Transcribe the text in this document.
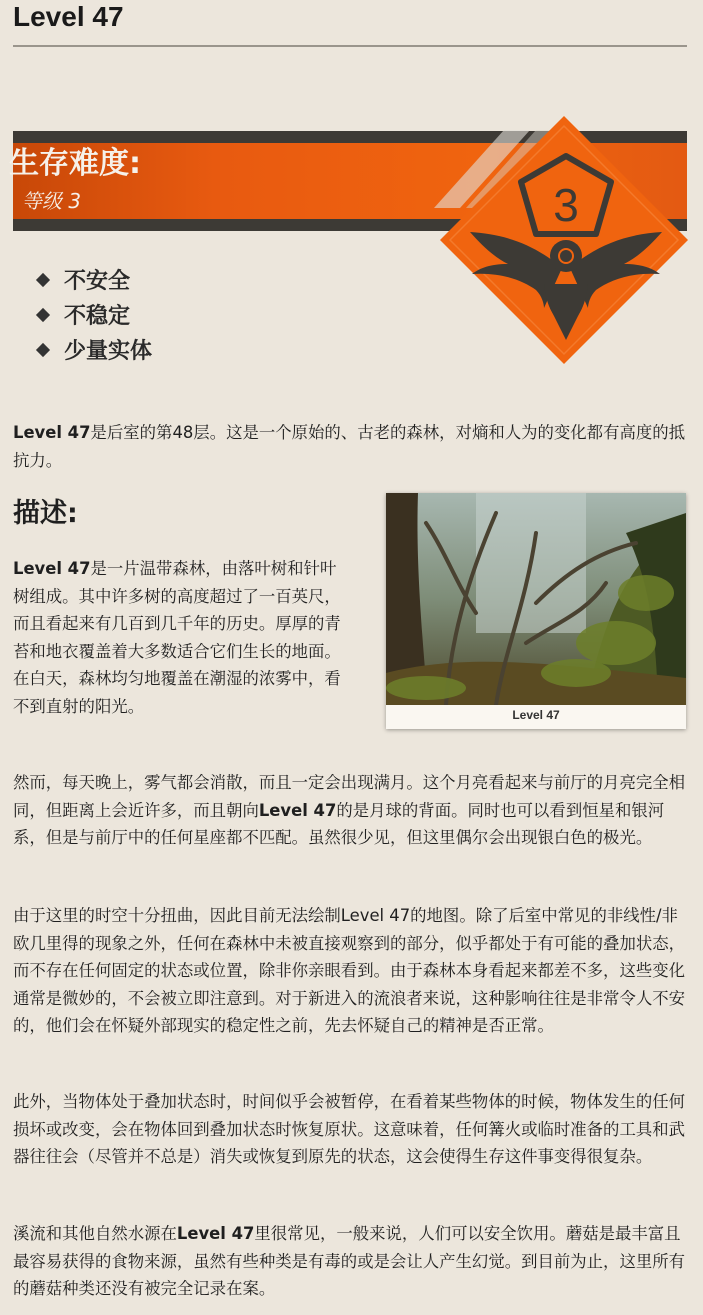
Level 47
生存难度:
等级 3	3
不安全
不稳定
少量实体

Level 47是后室的第48层。这是一个原始的、古老的森林，对熵和人为的变化都有高度的抵抗力。

描述:
Level 47

Level 47是一片温带森林，由落叶树和针叶树组成。其中许多树的高度超过了一百英尺，而且看起来有几百到几千年的历史。厚厚的青苔和地衣覆盖着大多数适合它们生长的地面。在白天，森林均匀地覆盖在潮湿的浓雾中，看不到直射的阳光。

然而，每天晚上，雾气都会消散，而且一定会出现满月。这个月亮看起来与前厅的月亮完全相同，但距离上会近许多，而且朝向Level 47的是月球的背面。同时也可以看到恒星和银河系，但是与前厅中的任何星座都不匹配。虽然很少见，但这里偶尔会出现银白色的极光。

由于这里的时空十分扭曲，因此目前无法绘制Level 47的地图。除了后室中常见的非线性/非欧几里得的现象之外，任何在森林中未被直接观察到的部分，似乎都处于有可能的叠加状态，而不存在任何固定的状态或位置，除非你亲眼看到。由于森林本身看起来都差不多，这些变化通常是微妙的，不会被立即注意到。对于新进入的流浪者来说，这种影响往往是非常令人不安的，他们会在怀疑外部现实的稳定性之前，先去怀疑自己的精神是否正常。

此外，当物体处于叠加状态时，时间似乎会被暂停，在看着某些物体的时候，物体发生的任何损坏或改变，会在物体回到叠加状态时恢复原状。这意味着，任何篝火或临时准备的工具和武器往往会（尽管并不总是）消失或恢复到原先的状态，这会使得生存这件事变得很复杂。

溪流和其他自然水源在Level 47里很常见，一般来说，人们可以安全饮用。蘑菇是最丰富且最容易获得的食物来源，虽然有些种类是有毒的或是会让人产生幻觉。到目前为止，这里所有的蘑菇种类还没有被完全记录在案。
